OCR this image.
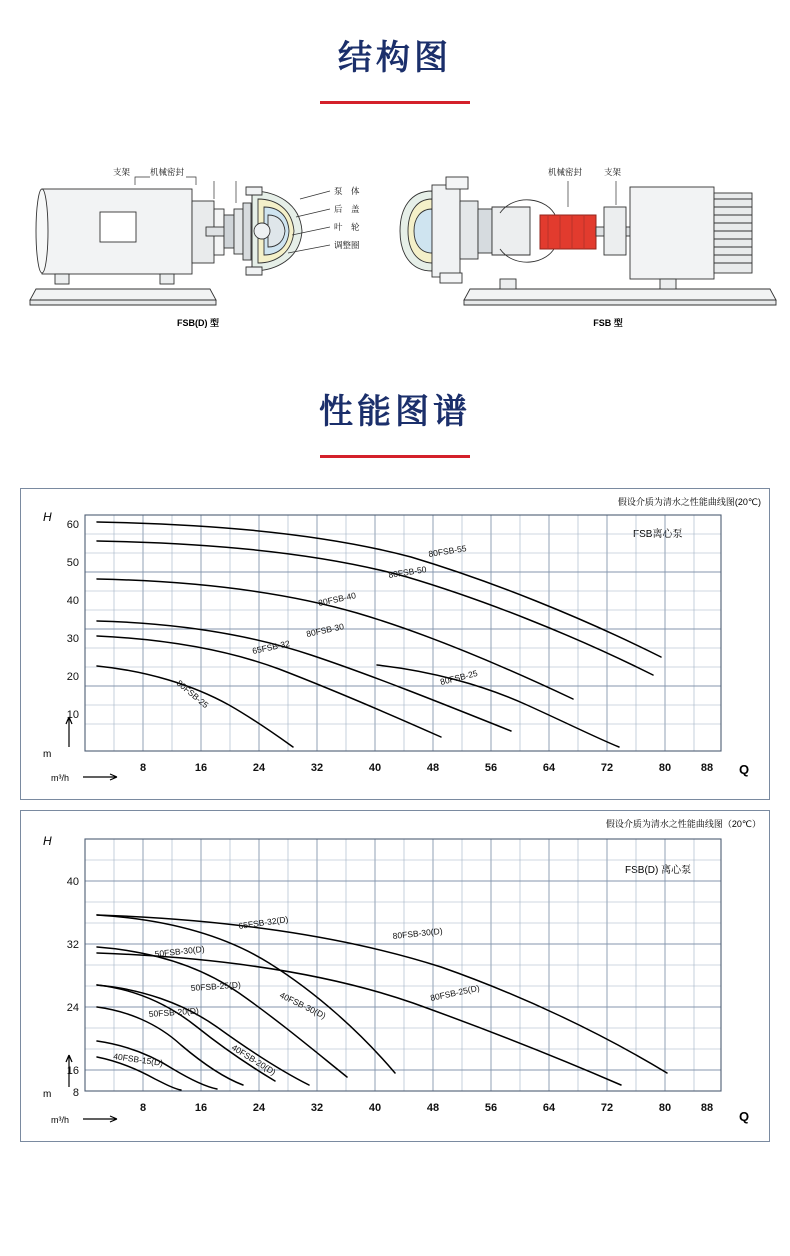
结构图
支架 机械密封
泵　体
后　盖
叶　轮
调整圈
机械密封	支架
FSB(D) 型	FSB 型
性能图谱
假设介质为清水之性能曲线图(20℃)
H
m
m³/h
Q
FSB离心泵
60
50
40
30
20
10
8	16	24	32	40	48	56	64	72	80	88
80FSB-55
80FSB-50
80FSB-40
80FSB-30
65FSB-32
80FSB-25
80FSB-25
假设介质为清水之性能曲线图（20℃）
H
m
m³/h	Q
FSB(D) 离心泵
40
32
24
16
8
8	16	24	32	40	48	56	64	72	80	88
80FSB-30(D)
80FSB-25(D)
65FSB-32(D)
50FSB-30(D)
40FSB-30(D)
50FSB-25(D)
50FSB-20(D)
40FSB-20(D)
40FSB-15(D)
